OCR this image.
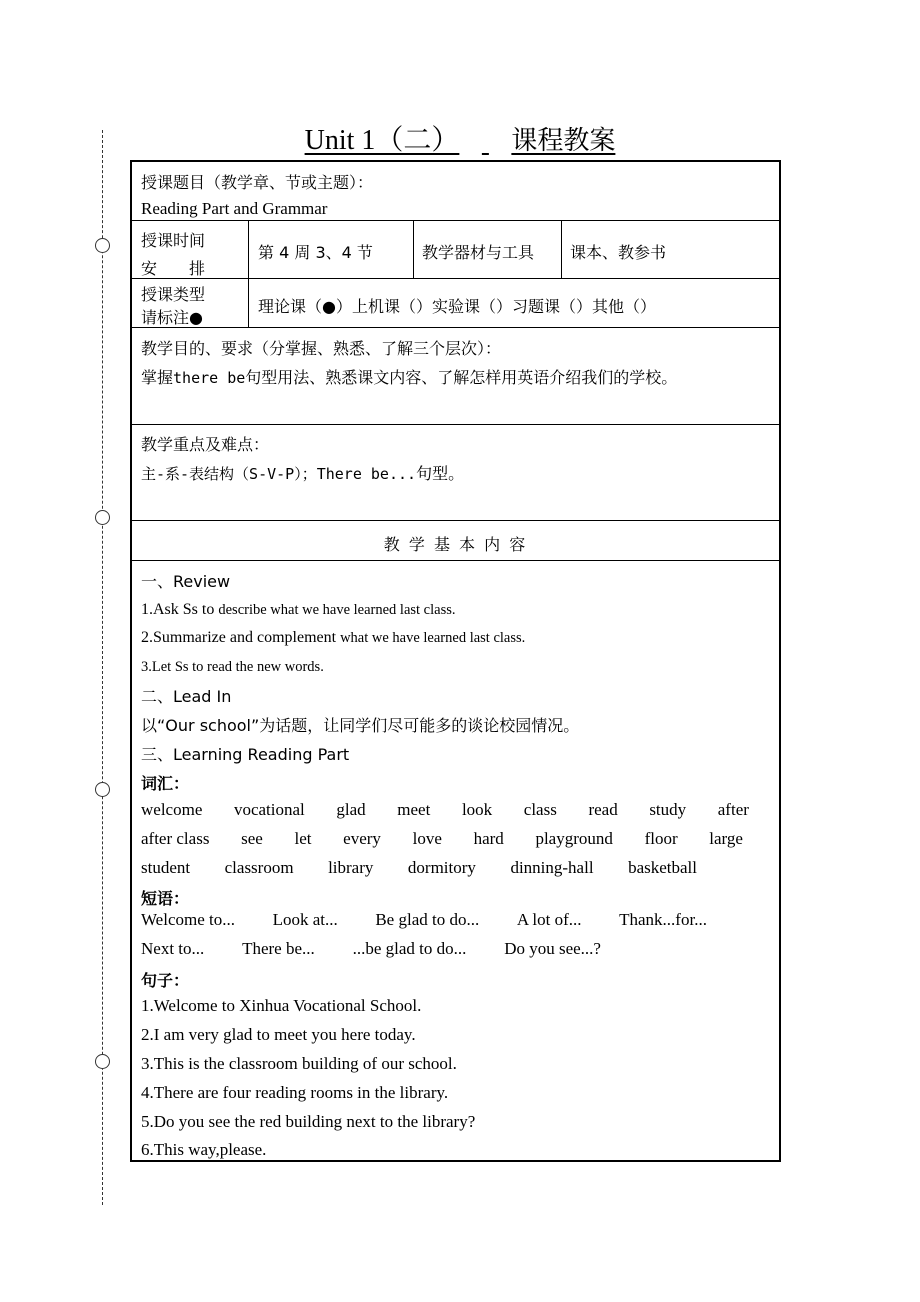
Unit 1（二） 课程教案
授课题目（教学章、节或主题）：
Reading Part and Grammar
授课时间
安　　排
第 4 周 3、4 节	教学器材与工具 课本、教参书
授课类型
请标注●
理论课（●）上机课（）实验课（）习题课（）其他（）
教学目的、要求（分掌握、熟悉、了解三个层次）：
掌握there be句型用法、熟悉课文内容、了解怎样用英语介绍我们的学校。
教学重点及难点：
主-系-表结构（S-V-P）；There be...句型。
教 学 基 本 内 容
一、Review
1.Ask Ss to describe what we have learned last class.
2.Summarize and complement what we have learned last class.
3.Let Ss to read the new words.
二、Lead In
以“Our school”为话题，让同学们尽可能多的谈论校园情况。
三、Learning Reading Part
词汇：
welcome vocational glad meet look class read study after
after class see let every love hard playground floor large
student classroom library dormitory dinning-hall basketball
短语：
Welcome to... Look at... Be glad to do... A lot of... Thank...for...
Next to... There be... ...be glad to do... Do you see...?
句子：
1.Welcome to Xinhua Vocational School.
2.I am very glad to meet you here today.
3.This is the classroom building of our school.
4.There are four reading rooms in the library.
5.Do you see the red building next to the library?
6.This way,please.
